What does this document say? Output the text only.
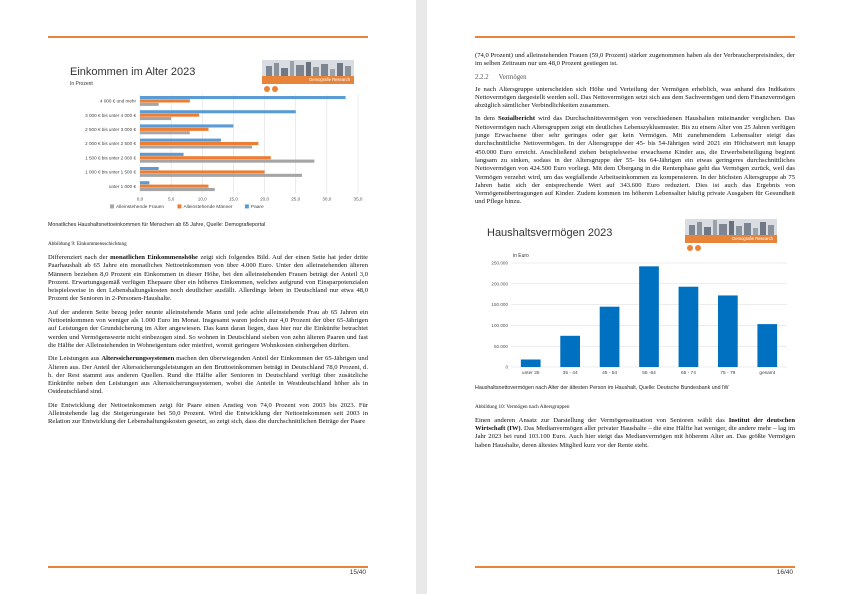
Einkommen im Alter 2023
In Prozent
Demografie Research
0,0	5,0	10,0	15,0	20,0	25,0	30,0	35,0
4 000 € und mehr
3 000 € bis unter 4 000 €
2 500 € bis unter 3 000 €
2 000 € bis unter 2 500 €
1 500 € bis unter 2 000 €
1 000 € bis unter 1 500 €
unter 1 000 €
Alleinstehende Frauen	Alleinstehende Männer	Paare
Monatliches Haushaltsnettoeinkommen für Menschen ab 65 Jahre, Quelle: Demografieportal
Abbildung 9: Einkommensschichtung

Differenziert nach der monatlichen Einkommenshöhe zeigt sich folgendes Bild. Auf der einen Seite hat jeder dritte Paarhaushalt ab 65 Jahre ein monatliches Nettoeinkommen von über 4.000 Euro. Unter den alleinstehenden älteren Männern beziehen 8,0 Prozent ein Einkommen in dieser Höhe, bei den alleinstehenden Frauen beträgt der Anteil 3,0 Prozent. Erwartungsgemäß verfügen Ehepaare über ein höheres Einkommen, welches aufgrund von Einsparpotenzialen beispielsweise in den Lebenshaltungskosten noch deutlicher ausfällt. Allerdings leben in Deutschland nur etwa 48,0 Prozent der Senioren in 2-Personen-Haushalte.

Auf der anderen Seite bezog jeder neunte alleinstehende Mann und jede achte alleinstehende Frau ab 65 Jahren ein Nettoeinkommen von weniger als 1.000 Euro im Monat. Insgesamt waren jedoch nur 4,0 Prozent der über 65-Jährigen auf Leistungen der Grundsicherung im Alter angewiesen. Das kann daran liegen, dass hier nur die Einkünfte betrachtet werden und Vermögenswerte nicht einbezogen sind. So wohnen in Deutschland sieben von zehn älteren Paaren und fast die Hälfte der Alleinstehenden in Wohneigentum oder mietfrei, womit geringere Wohnkosten einhergehen dürften.

Die Leistungen aus Alterssicherungssystemen machen den überwiegenden Anteil der Einkommen der 65-Jährigen und Älteren aus. Der Anteil der Alterssicherungsleistungen an den Bruttoeinkommen beträgt in Deutschland 78,0 Prozent, d. h. der Rest stammt aus anderen Quellen. Rund die Hälfte aller Senioren in Deutschland verfügt über zusätzliche Einkünfte neben den Leistungen aus Alterssicherungssystemen, wobei die Anteile in Westdeutschland höher als in Ostdeutschland sind.

Die Entwicklung der Nettoeinkommen zeigt für Paare einen Anstieg von 74,0 Prozent von 2003 bis 2023. Für Alleinstehende lag die Steigerungsrate bei 50,0 Prozent. Wird die Entwicklung der Nettoeinkommen seit 2003 in Relation zur Entwicklung der Lebenshaltungskosten gesetzt, so zeigt sich, dass die durchschnittlichen Beträge der Paare

15/40

(74,0 Prozent) und alleinstehenden Frauen (59,0 Prozent) stärker zugenommen haben als der Verbraucherpreisindex, der im selben Zeitraum nur um 48,0 Prozent gestiegen ist.

2.2.2 Vermögen

Je nach Altersgruppe unterscheiden sich Höhe und Verteilung der Vermögen erheblich, was anhand des Indikators Nettovermögen dargestellt werden soll. Das Nettovermögen setzt sich aus dem Sachvermögen und dem Finanzvermögen abzüglich sämtlicher Verbindlichkeiten zusammen.

In dem Sozialbericht wird das Durchschnittsvermögen von verschiedenen Haushalten miteinander verglichen. Das Nettovermögen nach Altersgruppen zeigt ein deutliches Lebenszyklusmuster. Bis zu einem Alter von 25 Jahren verfügen junge Erwachsene über sehr geringes oder gar kein Vermögen. Mit zunehmendem Lebensalter steigt das durchschnittliche Nettovermögen. In der Altersgruppe der 45- bis 54-Jährigen wird 2021 ein Höchstwert mit knapp 450.000 Euro erreicht. Anschließend ziehen beispielsweise erwachsene Kinder aus, die Erwerbsbeteiligung beginnt langsam zu sinken, sodass in der Altersgruppe der 55- bis 64-Jährigen ein etwas geringeres durchschnittliches Nettovermögen von 424.500 Euro vorliegt. Mit dem Übergang in die Rentenphase geht das Vermögen zurück, weil das Vermögen verzehrt wird, um das wegfallende Arbeitseinkommen zu kompensieren. In der höchsten Altersgruppe ab 75 Jahren hatte sich der entsprechende Wert auf 343.600 Euro reduziert. Dies ist auch das Ergebnis von Vermögensübertragungen auf Kinder. Zudem kommen im höheren Lebensalter häufig private Ausgaben für Gesundheit und Pflege hinzu.

Haushaltsvermögen 2023
in Euro
Demografie Research
0
50.000
100.000
150.000
200.000
250.000
unter 35	35 - 44	45 - 54	55 -64	65 - 74	75 - 79	gesamt
Haushaltsnettovermögen nach Alter der ältesten Person im Haushalt, Quelle: Deutsche Bundesbank und IW
Abbildung 10: Vermögen nach Altersgruppen

Einen anderen Ansatz zur Darstellung der Vermögenssituation von Senioren wählt das Institut der deutschen Wirtschaft (IW). Das Medianvermögen aller privater Haushalte – die eine Hälfte hat weniger, die andere mehr – lag im Jahr 2023 bei rund 103.100 Euro. Auch hier steigt das Medianvermögen mit höherem Alter an. Das größte Vermögen haben Haushalte, deren ältestes Mitglied kurz vor der Rente steht.

16/40
